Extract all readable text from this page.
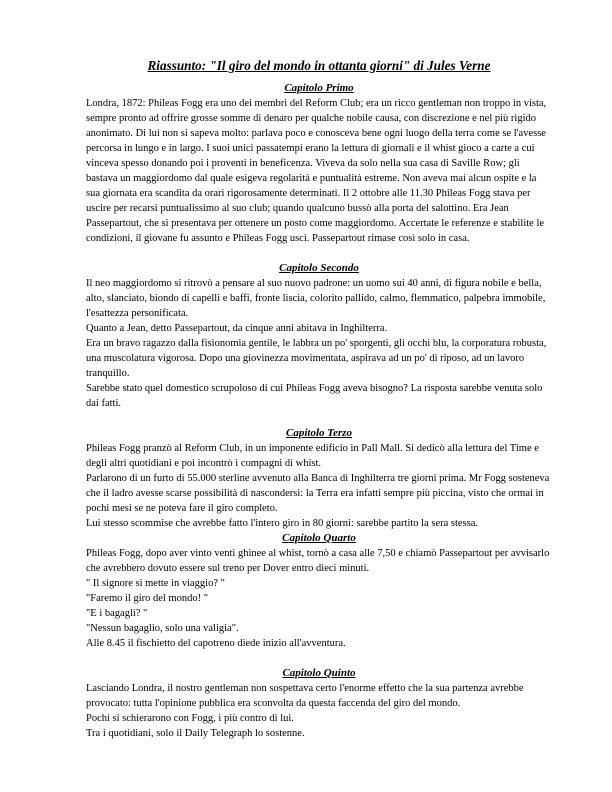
Riassunto: "Il giro del mondo in ottanta giorni" di Jules Verne

Capitolo Primo

Londra, 1872: Phileas Fogg era uno dei membri del Reform Club; era un ricco gentleman non troppo in vista, sempre pronto ad offrire grosse somme di denaro per qualche nobile causa, con discrezione e nel più rigido anonimato. Di lui non si sapeva molto: parlava poco e conosceva bene ogni luogo della terra come se l'avesse percorsa in lungo e in largo. I suoi unici passatempi erano la lettura di giornali e il whist gioco a carte a cui vinceva spesso donando poi i proventi in beneficenza. Viveva da solo nella sua casa di Saville Row; gli bastava un maggiordomo dal quale esigeva regolarità e puntualità estreme. Non aveva mai alcun ospite e la sua giornata era scandita da orari rigorosamente determinati. Il 2 ottobre alle 11.30 Phileas Fogg stava per uscire per recarsi puntualissimo al suo club; quando qualcuno bussò alla porta del salottino. Era Jean Passepartout, che si presentava per ottenere un posto come maggiordomo. Accertate le referenze e stabilite le condizioni, il giovane fu assunto e Phileas Fogg uscì. Passepartout rimase così solo in casa.

Capitolo Secondo

Il neo maggiordomo si ritrovò a pensare al suo nuovo padrone: un uomo sui 40 anni, di figura nobile e bella, alto, slanciato, biondo di capelli e baffi, fronte liscia, colorito pallido, calmo, flemmatico, palpebra immobile, l'esattezza personificata.

Quanto a Jean, detto Passepartout, da cinque anni abitava in Inghilterra.

Era un bravo ragazzo dalla fisionomia gentile, le labbra un po' sporgenti, gli occhi blu, la corporatura robusta, una muscolatura vigorosa. Dopo una giovinezza movimentata, aspirava ad un po' di riposo, ad un lavoro tranquillo.

Sarebbe stato quel domestico scrupoloso di cui Phileas Fogg aveva bisogno? La risposta sarebbe venuta solo dai fatti.

Capitolo Terzo

Phileas Fogg pranzò al Reform Club, in un imponente edificio in Pall Mall. Si dedicò alla lettura del Time e degli altri quotidiani e poi incontrò i compagni di whist.

Parlarono di un furto di 55.000 sterline avvenuto alla Banca di Inghilterra tre giorni prima. Mr Fogg sosteneva che il ladro avesse scarse possibilità di nascondersi: la Terra era infatti sempre più piccina, visto che ormai in pochi mesi se ne poteva fare il giro completo.

Lui stesso scommise che avrebbe fatto l'intero giro in 80 giorni: sarebbe partito la sera stessa.

Capitolo Quarto

Phileas Fogg, dopo aver vinto venti ghinee al whist, tornò a casa alle 7,50 e chiamò Passepartout per avvisarlo che avrebbero dovuto essere sul treno per Dover entro dieci minuti.

" Il signore si mette in viaggio? "

"Faremo il giro del mondo! "

"E i bagagli? "

"Nessun bagaglio, solo una valigia".

Alle 8.45 il fischietto del capotreno diede inizio all'avventura.

Capitolo Quinto

Lasciando Londra, il nostro gentleman non sospettava certo l'enorme effetto che la sua partenza avrebbe provocato: tutta l'opinione pubblica era sconvolta da questa faccenda del giro del mondo.

Pochi si schierarono con Fogg, i più contro di lui.

Tra i quotidiani, solo il Daily Telegraph lo sostenne.
